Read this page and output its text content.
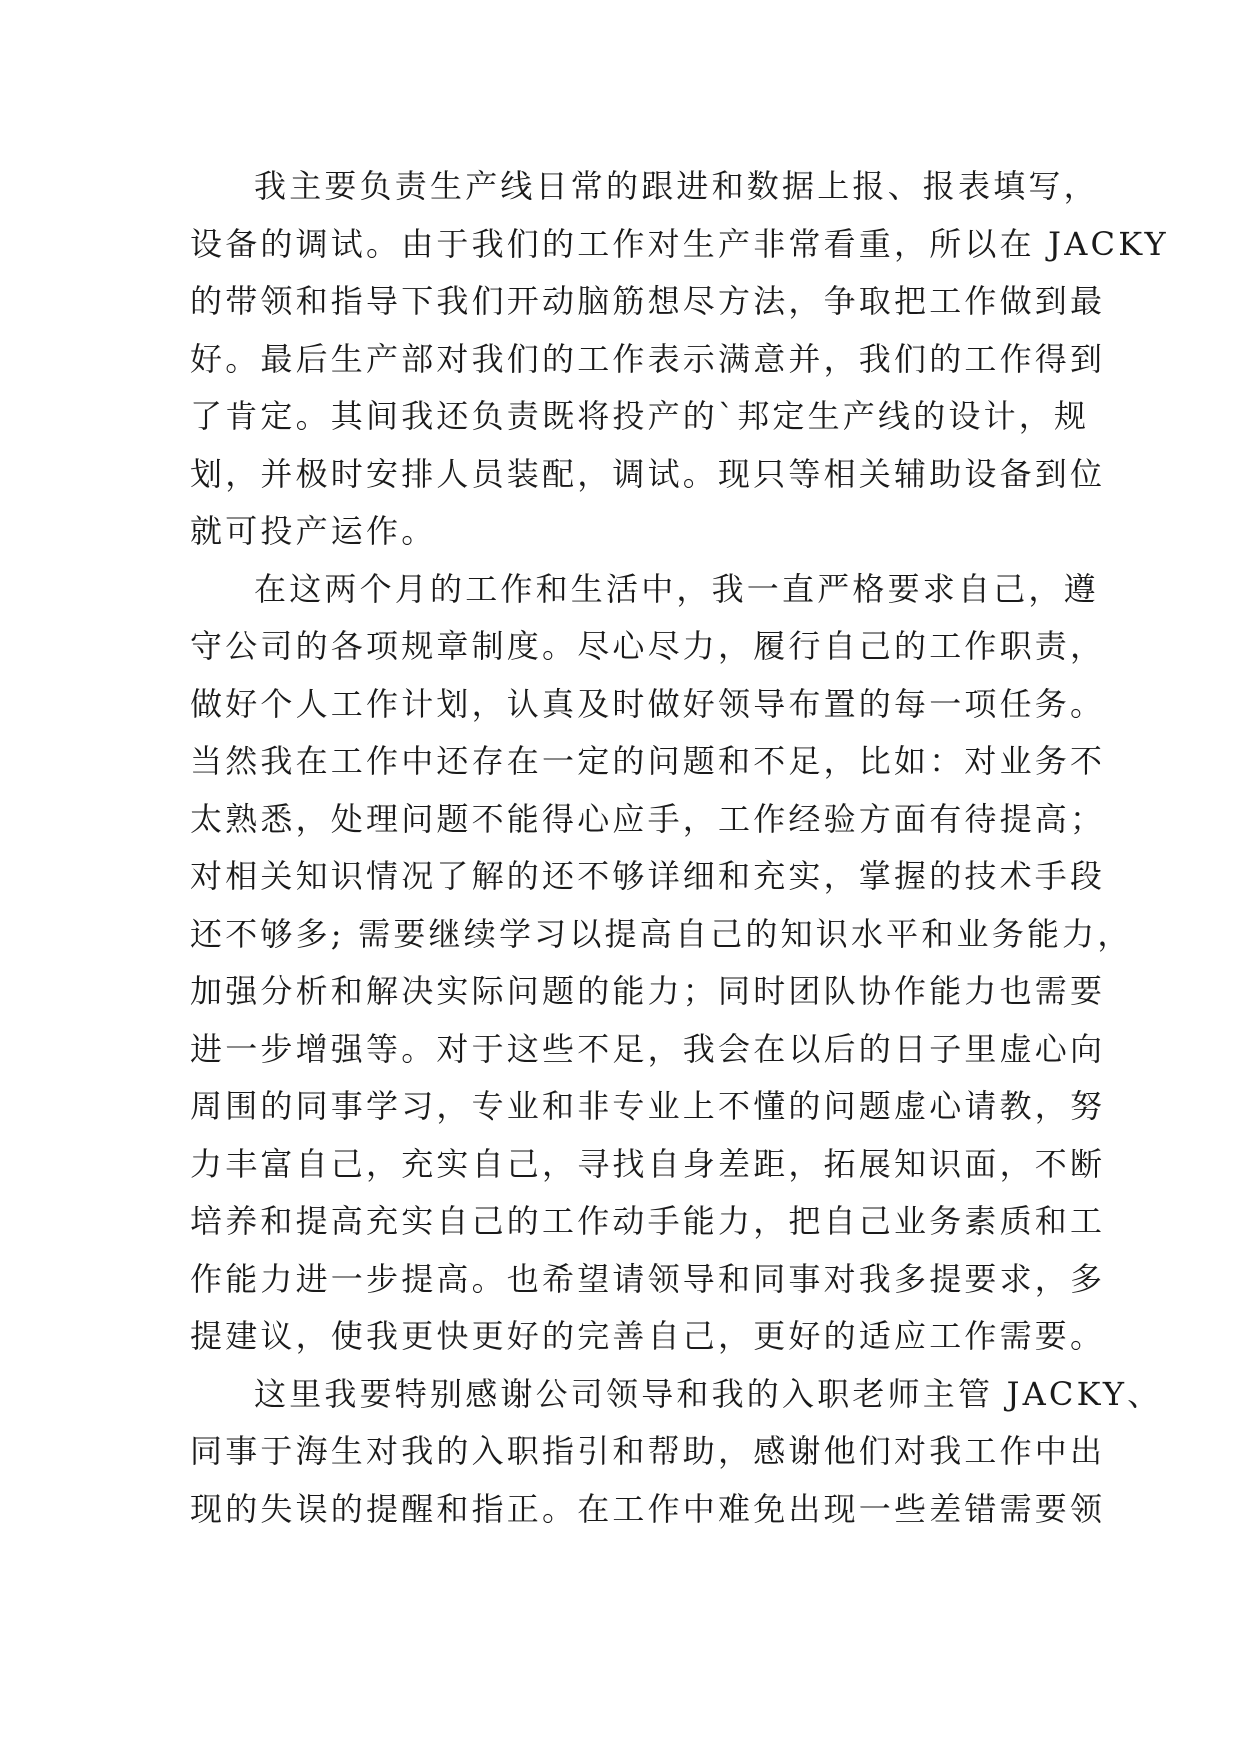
我主要负责生产线日常的跟进和数据上报、报表填写，
设备的调试。由于我们的工作对生产非常看重，所以在 JACKY
的带领和指导下我们开动脑筋想尽方法，争取把工作做到最
好。最后生产部对我们的工作表示满意并，我们的工作得到
了肯定。其间我还负责既将投产的`邦定生产线的设计，规
划，并极时安排人员装配，调试。现只等相关辅助设备到位
就可投产运作。

在这两个月的工作和生活中，我一直严格要求自己，遵
守公司的各项规章制度。尽心尽力，履行自己的工作职责，
做好个人工作计划，认真及时做好领导布置的每一项任务。
当然我在工作中还存在一定的问题和不足，比如：对业务不
太熟悉，处理问题不能得心应手，工作经验方面有待提高；
对相关知识情况了解的还不够详细和充实，掌握的技术手段
还不够多; 需要继续学习以提高自己的知识水平和业务能力，
加强分析和解决实际问题的能力；同时团队协作能力也需要
进一步增强等。对于这些不足，我会在以后的日子里虚心向
周围的同事学习，专业和非专业上不懂的问题虚心请教，努
力丰富自己，充实自己，寻找自身差距，拓展知识面，不断
培养和提高充实自己的工作动手能力，把自己业务素质和工
作能力进一步提高。也希望请领导和同事对我多提要求，多
提建议，使我更快更好的完善自己，更好的适应工作需要。

这里我要特别感谢公司领导和我的入职老师主管 JACKY、
同事于海生对我的入职指引和帮助，感谢他们对我工作中出
现的失误的提醒和指正。在工作中难免出现一些差错需要领
